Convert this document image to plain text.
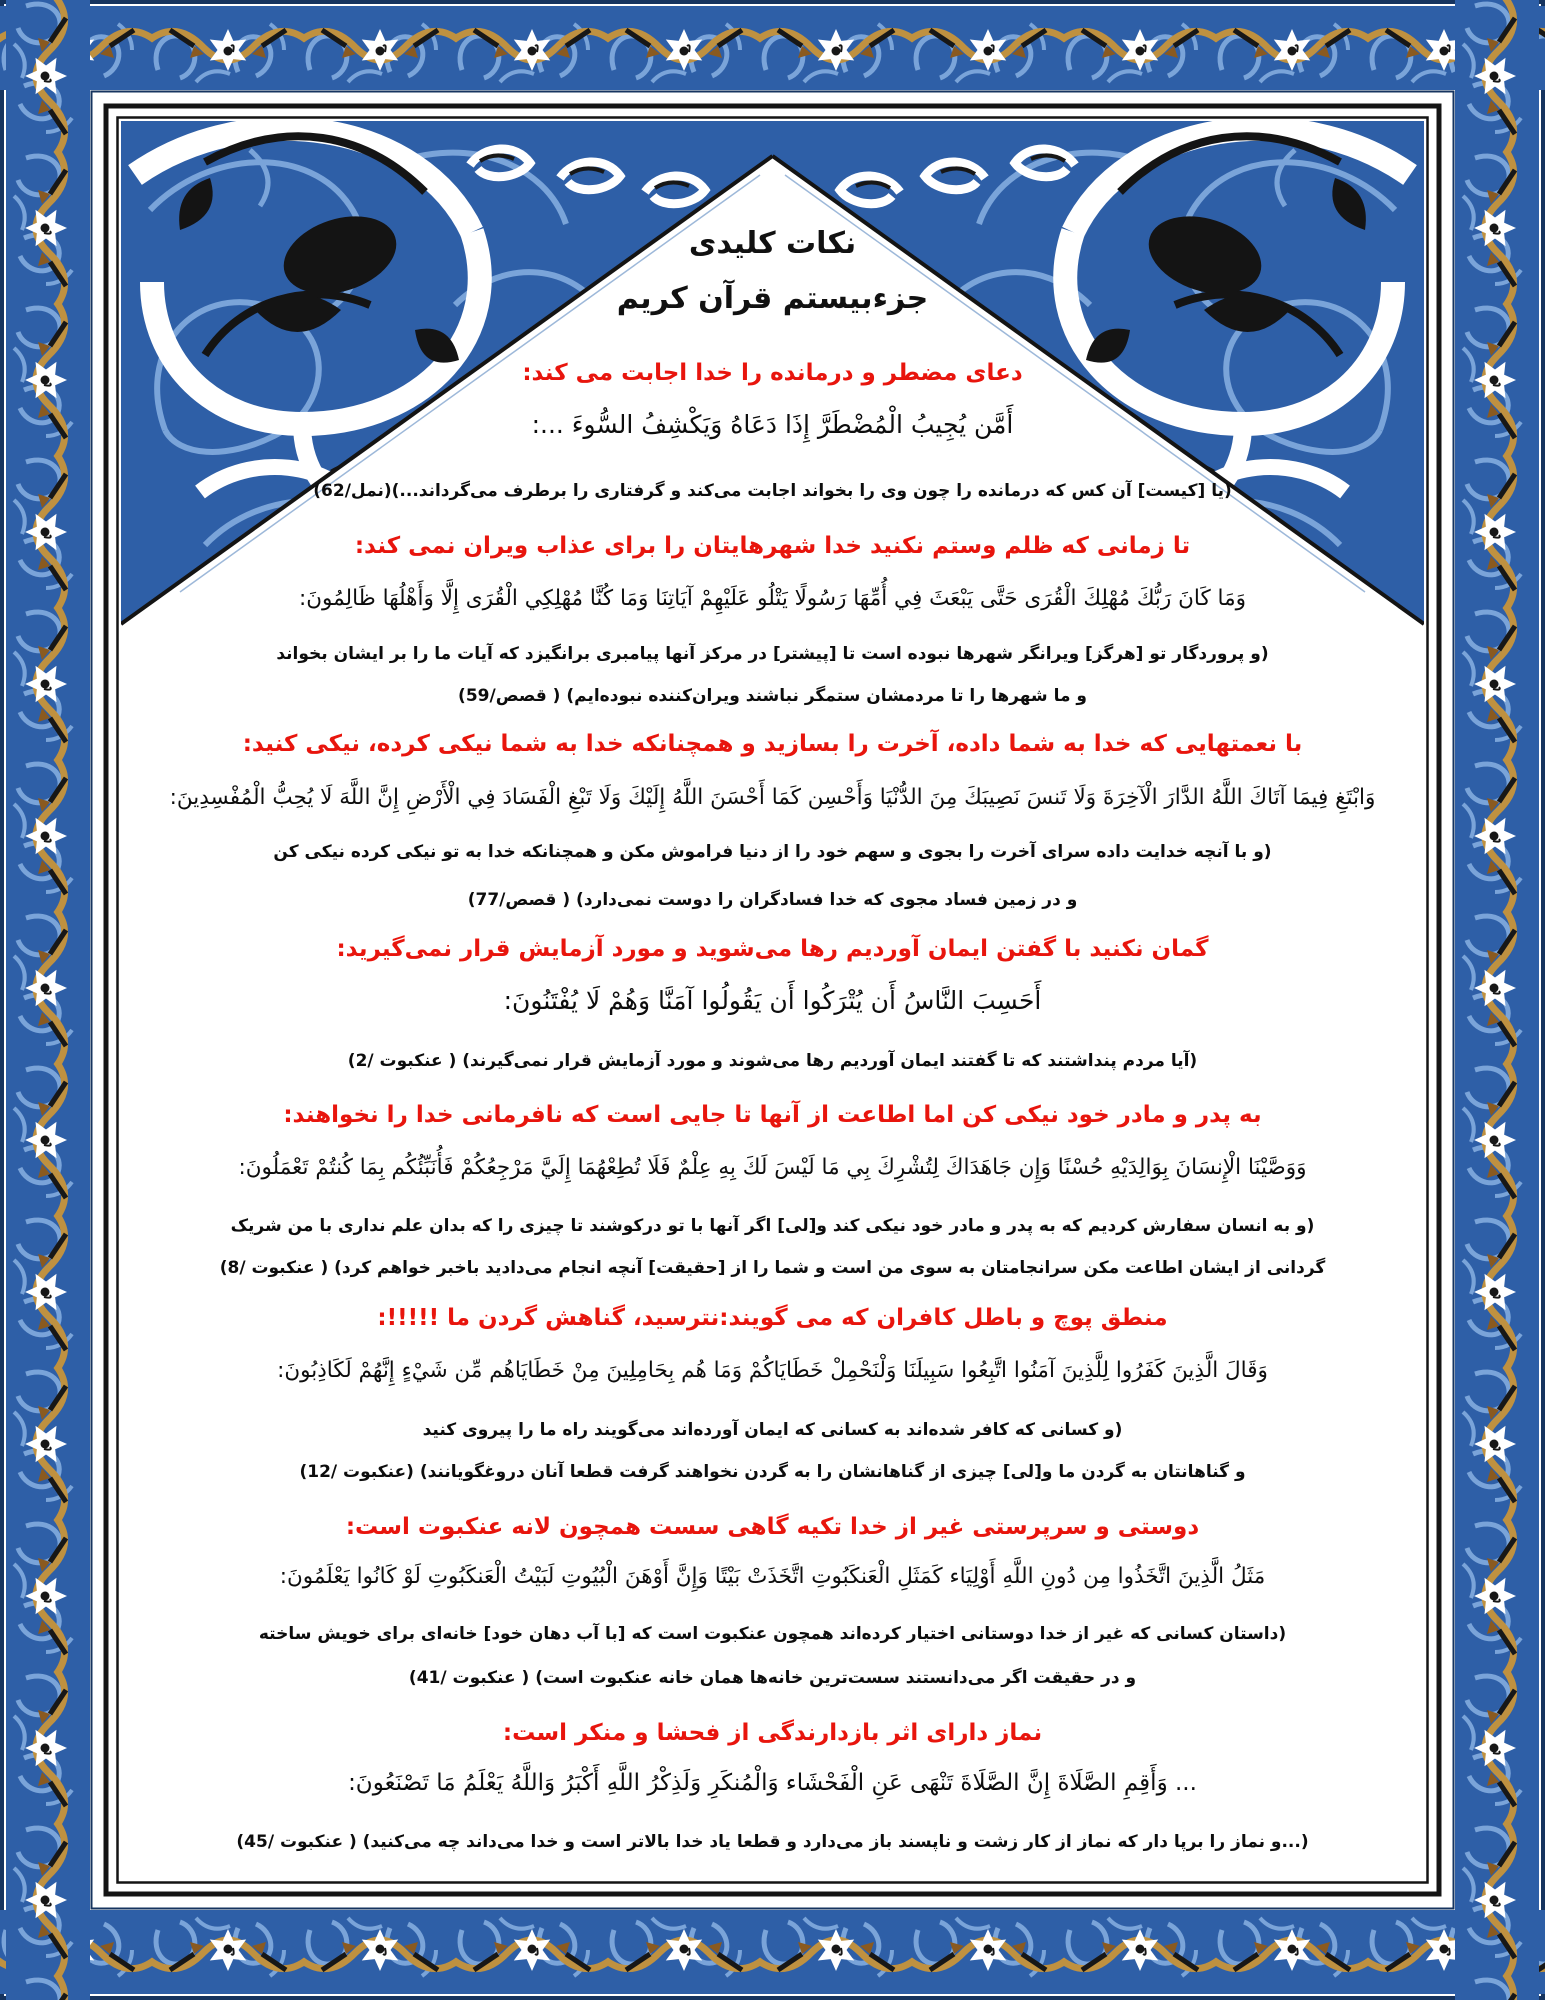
نکات کلیدی
جزءبیستم قرآن کریم
دعای مضطر و درمانده را خدا اجابت می کند:
أَمَّن يُجِيبُ الْمُضْطَرَّ إِذَا دَعَاهُ وَيَكْشِفُ السُّوءَ ...:
(یا [کیست] آن کس که درمانده را چون وی را بخواند اجابت می‌کند و گرفتاری را برطرف می‌گرداند...)(نمل/62)
تا زمانی که ظلم وستم نکنید خدا شهرهایتان را برای عذاب ویران نمی کند:
وَمَا كَانَ رَبُّكَ مُهْلِكَ الْقُرَى حَتَّى يَبْعَثَ فِي أُمِّهَا رَسُولًا يَتْلُو عَلَيْهِمْ آيَاتِنَا وَمَا كُنَّا مُهْلِكِي الْقُرَى إِلَّا وَأَهْلُهَا ظَالِمُونَ:
(و پروردگار تو [هرگز] ویرانگر شهرها نبوده است تا [پیشتر] در مرکز آنها پیامبری برانگیزد که آیات ما را بر ایشان بخواند
و ما شهرها را تا مردمشان ستمگر نباشند ویران‌کننده نبوده‌ایم) ( قصص/59)
با نعمتهایی که خدا به شما داده، آخرت را بسازید و همچنانکه خدا به شما نیکی کرده، نیکی کنید:
وَابْتَغِ فِيمَا آتَاكَ اللَّهُ الدَّارَ الْآخِرَةَ وَلَا تَنسَ نَصِيبَكَ مِنَ الدُّنْيَا وَأَحْسِن كَمَا أَحْسَنَ اللَّهُ إِلَيْكَ وَلَا تَبْغِ الْفَسَادَ فِي الْأَرْضِ إِنَّ اللَّهَ لَا يُحِبُّ الْمُفْسِدِينَ:
(و با آنچه خدایت داده سرای آخرت را بجوی و سهم خود را از دنیا فراموش مکن و همچنانکه خدا به تو نیکی کرده نیکی کن
و در زمین فساد مجوی که خدا فسادگران را دوست نمی‌دارد) ( قصص/77)
گمان نکنید با گفتن ایمان آوردیم رها می‌شوید و مورد آزمایش قرار نمی‌گیرید:
أَحَسِبَ النَّاسُ أَن يُتْرَكُوا أَن يَقُولُوا آمَنَّا وَهُمْ لَا يُفْتَنُونَ:
(آیا مردم پنداشتند که تا گفتند ایمان آوردیم رها می‌شوند و مورد آزمایش قرار نمی‌گیرند) ( عنکبوت /2)
به پدر و مادر خود نیکی کن اما اطاعت از آنها تا جایی است که نافرمانی خدا را نخواهند:
وَوَصَّيْنَا الْإِنسَانَ بِوَالِدَيْهِ حُسْنًا وَإِن جَاهَدَاكَ لِتُشْرِكَ بِي مَا لَيْسَ لَكَ بِهِ عِلْمٌ فَلَا تُطِعْهُمَا إِلَيَّ مَرْجِعُكُمْ فَأُنَبِّئُكُم بِمَا كُنتُمْ تَعْمَلُونَ:
(و به انسان سفارش کردیم که به پدر و مادر خود نیکی کند و[لی] اگر آنها با تو درکوشند تا چیزی را که بدان علم نداری با من شریک
گردانی از ایشان اطاعت مکن سرانجامتان به سوی من است و شما را از [حقیقت] آنچه انجام می‌دادید باخبر خواهم کرد) ( عنکبوت /8)
منطق پوچ و باطل کافران که می گویند:نترسید، گناهش گردن ما !!!!!:
وَقَالَ الَّذِينَ كَفَرُوا لِلَّذِينَ آمَنُوا اتَّبِعُوا سَبِيلَنَا وَلْنَحْمِلْ خَطَايَاكُمْ وَمَا هُم بِحَامِلِينَ مِنْ خَطَايَاهُم مِّن شَيْءٍ إِنَّهُمْ لَكَاذِبُونَ:
(و کسانی که کافر شده‌اند به کسانی که ایمان آورده‌اند می‌گویند راه ما را پیروی کنید
و گناهانتان به گردن ما و[لی] چیزی از گناهانشان را به گردن نخواهند گرفت قطعا آنان دروغگویانند) (عنکبوت /12)
دوستی و سرپرستی غیر از خدا تکیه گاهی سست همچون لانه عنکبوت است:
مَثَلُ الَّذِينَ اتَّخَذُوا مِن دُونِ اللَّهِ أَوْلِيَاء كَمَثَلِ الْعَنكَبُوتِ اتَّخَذَتْ بَيْتًا وَإِنَّ أَوْهَنَ الْبُيُوتِ لَبَيْتُ الْعَنكَبُوتِ لَوْ كَانُوا يَعْلَمُونَ:
(داستان کسانی که غیر از خدا دوستانی اختیار کرده‌اند همچون عنکبوت است که [با آب دهان خود] خانه‌ای برای خویش ساخته
و در حقیقت اگر می‌دانستند سست‌ترین خانه‌ها همان خانه عنکبوت است) ( عنکبوت /41)
نماز دارای اثر بازدارندگی از فحشا و منکر است:
... وَأَقِمِ الصَّلَاةَ إِنَّ الصَّلَاةَ تَنْهَى عَنِ الْفَحْشَاء وَالْمُنكَرِ وَلَذِكْرُ اللَّهِ أَكْبَرُ وَاللَّهُ يَعْلَمُ مَا تَصْنَعُونَ:
(...و نماز را برپا دار که نماز از کار زشت و ناپسند باز می‌دارد و قطعا یاد خدا بالاتر است و خدا می‌داند چه می‌کنید) ( عنکبوت /45)
